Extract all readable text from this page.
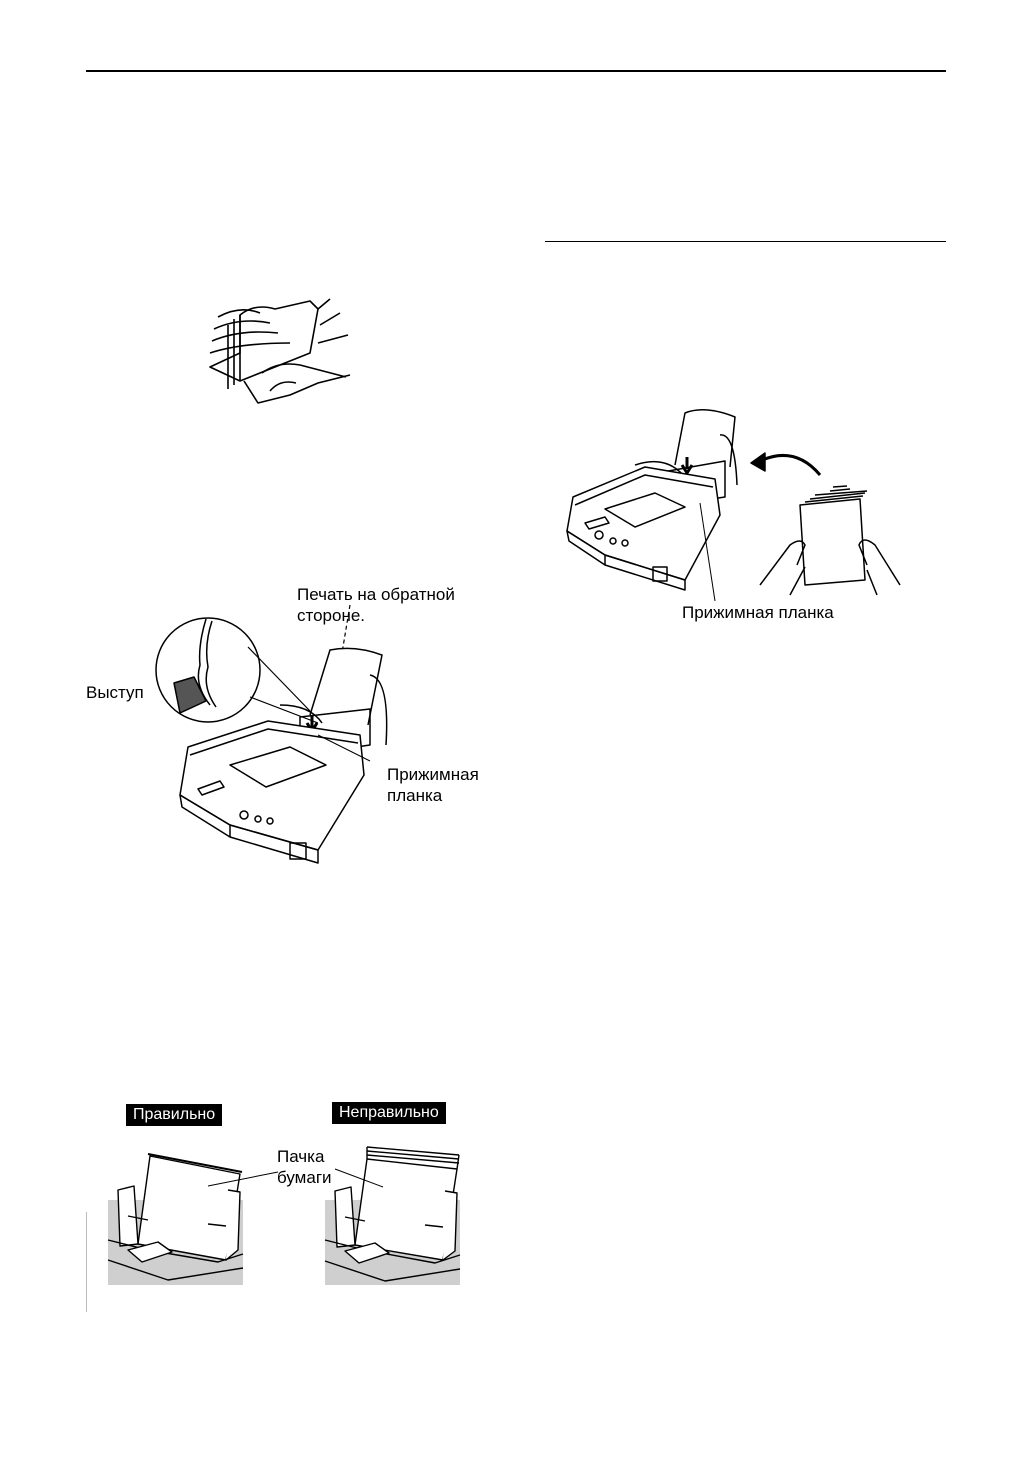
Прижимная планка
Печать на обратной
стороне.
Выступ
Прижимная
планка
Правильно	Неправильно
Пачка
бумаги
